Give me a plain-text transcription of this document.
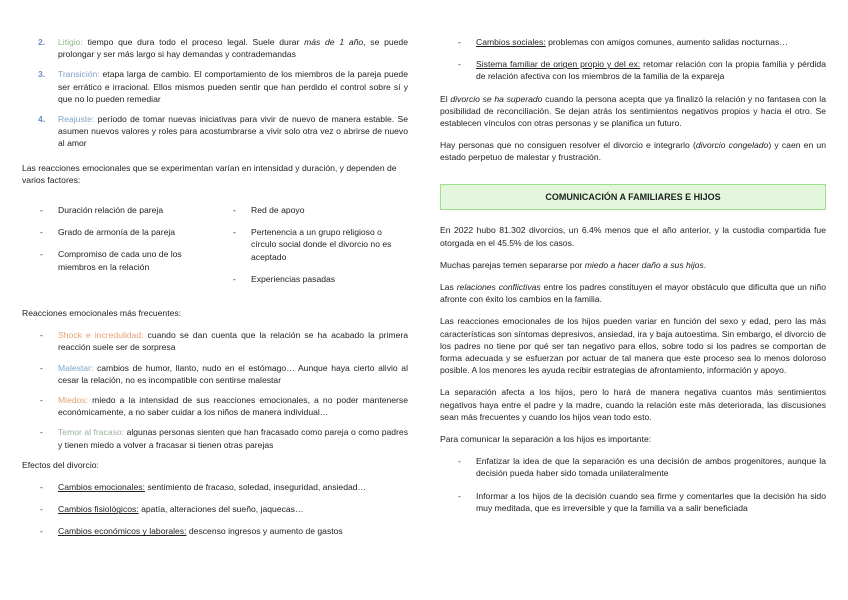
2. Litigio: tiempo que dura todo el proceso legal. Suele durar más de 1 año, se puede prolongar y ser más largo si hay demandas y contrademandas
3. Transición: etapa larga de cambio. El comportamiento de los miembros de la pareja puede ser errático e irracional. Ellos mismos pueden sentir que han perdido el control sobre sí y que no lo pueden remediar
4. Reajuste: período de tomar nuevas iniciativas para vivir de nuevo de manera estable. Se asumen nuevos valores y roles para acostumbrarse a vivir solo otra vez o abrirse de nuevo al amor

Las reacciones emocionales que se experimentan varían en intensidad y duración, y dependen de varios factores:

- Duración relación de pareja
- Grado de armonía de la pareja
- Compromiso de cada uno de los miembros en la relación
- Red de apoyo
- Pertenencia a un grupo religioso o círculo social donde el divorcio no es aceptado
- Experiencias pasadas

Reacciones emocionales más frecuentes:

- Shock e incredulidad: cuando se dan cuenta que la relación se ha acabado la primera reacción suele ser de sorpresa
- Malestar: cambios de humor, llanto, nudo en el estómago… Aunque haya cierto alivio al cesar la relación, no es incompatible con sentirse malestar
- Miedos: miedo a la intensidad de sus reacciones emocionales, a no poder mantenerse económicamente, a no saber cuidar a los niños de manera individual…
- Temor al fracaso: algunas personas sienten que han fracasado como pareja o como padres y tienen miedo a volver a fracasar si tienen otras parejas

Efectos del divorcio:

- Cambios emocionales: sentimiento de fracaso, soledad, inseguridad, ansiedad…
- Cambios fisiológicos: apatía, alteraciones del sueño, jaquecas…
- Cambios económicos y laborales: descenso ingresos y aumento de gastos
- Cambios sociales: problemas con amigos comunes, aumento salidas nocturnas…
- Sistema familiar de origen propio y del ex: retomar relación con la propia familia y pérdida de relación afectiva con los miembros de la familia de la expareja

El divorcio se ha superado cuando la persona acepta que ya finalizó la relación y no fantasea con la posibilidad de reconciliación. Se dejan atrás los sentimientos negativos propios y hacia el otro. Se establecen vínculos con otras personas y se planifica un futuro.

Hay personas que no consiguen resolver el divorcio e integrarlo (divorcio congelado) y caen en un estado perpetuo de malestar y frustración.

COMUNICACIÓN A FAMILIARES E HIJOS

En 2022 hubo 81.302 divorcios, un 6.4% menos que el año anterior, y la custodia compartida fue otorgada en el 45.5% de los casos.

Muchas parejas temen separarse por miedo a hacer daño a sus hijos.

Las relaciones conflictivas entre los padres constituyen el mayor obstáculo que dificulta que un niño afronte con éxito los cambios en la familia.

Las reacciones emocionales de los hijos pueden variar en función del sexo y edad, pero las más características son síntomas depresivos, ansiedad, ira y baja autoestima. Sin embargo, el divorcio de los padres no tiene por qué ser tan negativo para ellos, sobre todo si los padres se comportan de forma adecuada y se esfuerzan por actuar de tal manera que este proceso sea lo menos doloroso posible. A los menores les ayuda recibir estrategias de afrontamiento, información y apoyo.

La separación afecta a los hijos, pero lo hará de manera negativa cuantos más sentimientos negativos haya entre el padre y la madre, cuando la relación este más deteriorada, las discusiones sean más frecuentes y cuando los hijos vean todo esto.

Para comunicar la separación a los hijos es importante:

- Enfatizar la idea de que la separación es una decisión de ambos progenitores, aunque la decisión pueda haber sido tomada unilateralmente
- Informar a los hijos de la decisión cuando sea firme y comentarles que la decisión ha sido muy meditada, que es irreversible y que la familia va a salir beneficiada
